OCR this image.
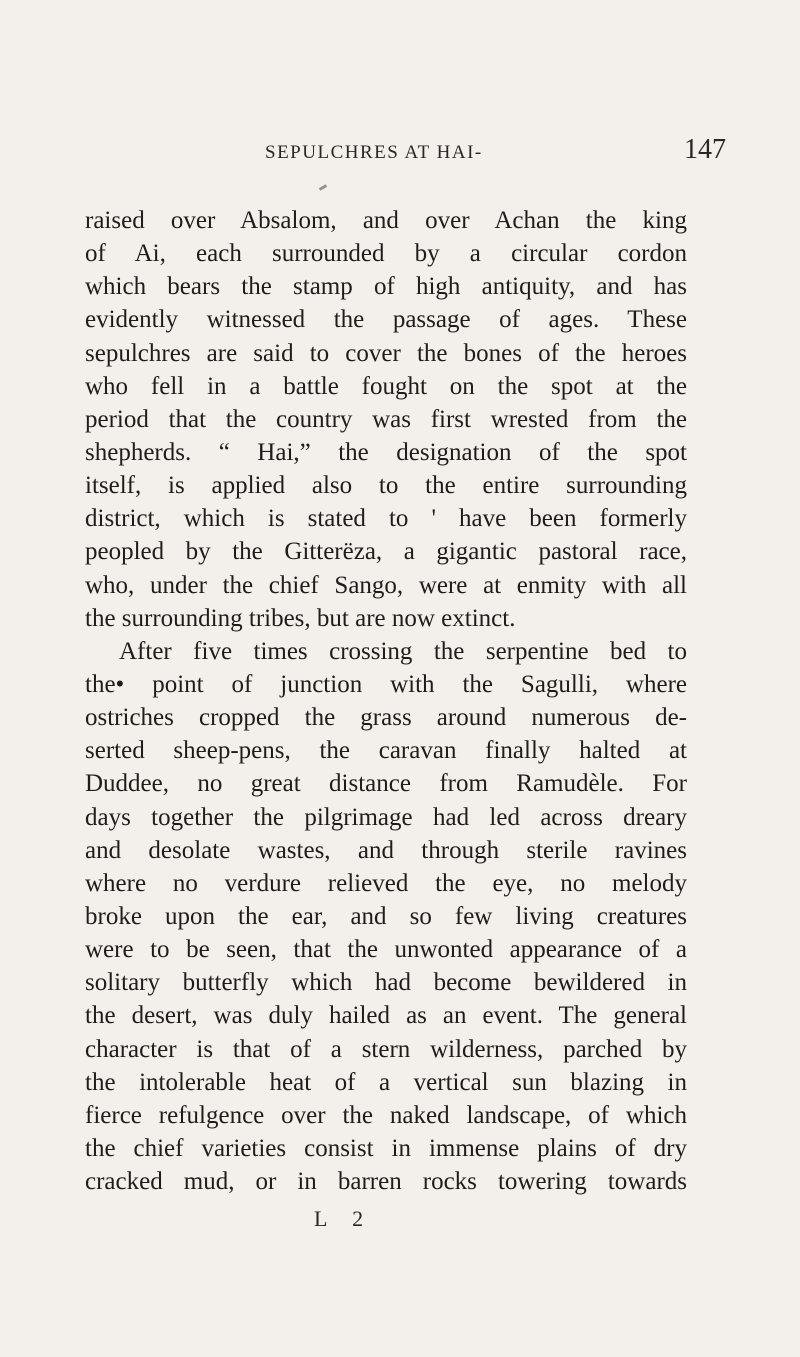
SEPULCHRES AT HAI-	147
raised over Absalom, and over Achan the king
of Ai, each surrounded by a circular cordon
which bears the stamp of high antiquity, and has
evidently witnessed the passage of ages. These
sepulchres are said to cover the bones of the heroes
who fell in a battle fought on the spot at the
period that the country was first wrested from the
shepherds. “ Hai,” the designation of the spot
itself, is applied also to the entire surrounding
district, which is stated to ' have been formerly
peopled by the Gitterëza, a gigantic pastoral race,
who, under the chief Sango, were at enmity with all
the surrounding tribes, but are now extinct.
After five times crossing the serpentine bed to
the• point of junction with the Sagulli, where
ostriches cropped the grass around numerous de-
serted sheep-pens, the caravan finally halted at
Duddee, no great distance from Ramudèle. For
days together the pilgrimage had led across dreary
and desolate wastes, and through sterile ravines
where no verdure relieved the eye, no melody
broke upon the ear, and so few living creatures
were to be seen, that the unwonted appearance of a
solitary butterfly which had become bewildered in
the desert, was duly hailed as an event. The general
character is that of a stern wilderness, parched by
the intolerable heat of a vertical sun blazing in
fierce refulgence over the naked landscape, of which
the chief varieties consist in immense plains of dry
cracked mud, or in barren rocks towering towards
L 2
